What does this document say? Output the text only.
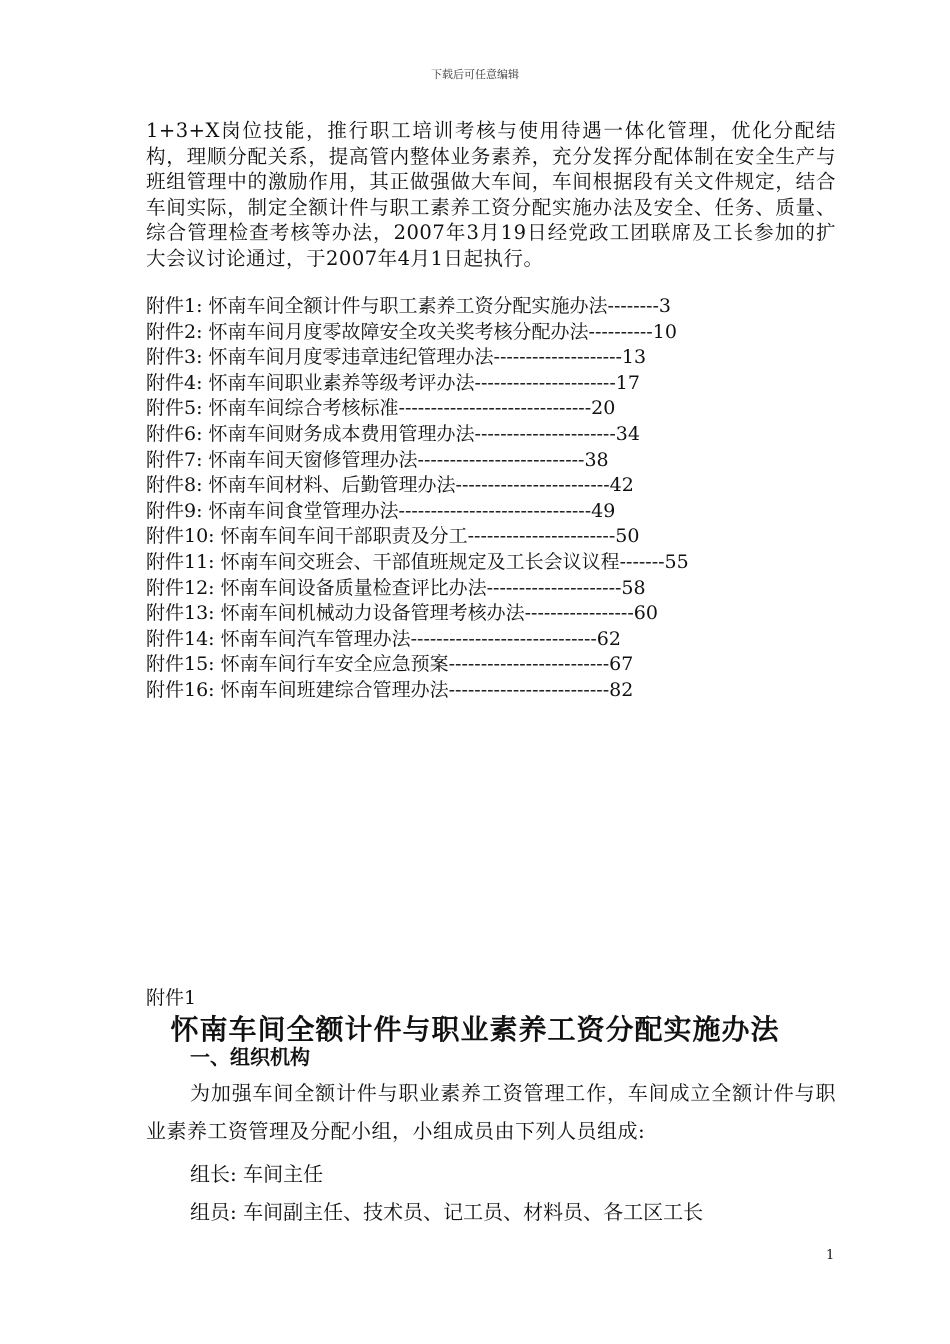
下载后可任意编辑
1+3+X岗位技能，推行职工培训考核与使用待遇一体化管理，优化分配结构，理顺分配关系，提高管内整体业务素养，充分发挥分配体制在安全生产与班组管理中的激励作用，其正做强做大车间，车间根据段有关文件规定，结合车间实际，制定全额计件与职工素养工资分配实施办法及安全、任务、质量、综合管理检查考核等办法，2007年3月19日经党政工团联席及工长参加的扩大会议讨论通过，于2007年4月1日起执行。
附件1: 怀南车间全额计件与职工素养工资分配实施办法--------3
附件2: 怀南车间月度零故障安全攻关奖考核分配办法----------10
附件3: 怀南车间月度零违章违纪管理办法--------------------13
附件4: 怀南车间职业素养等级考评办法----------------------17
附件5: 怀南车间综合考核标准------------------------------20
附件6: 怀南车间财务成本费用管理办法----------------------34
附件7: 怀南车间天窗修管理办法--------------------------38
附件8: 怀南车间材料、后勤管理办法------------------------42
附件9: 怀南车间食堂管理办法------------------------------49
附件10: 怀南车间车间干部职责及分工-----------------------50
附件11: 怀南车间交班会、干部值班规定及工长会议议程-------55
附件12: 怀南车间设备质量检查评比办法---------------------58
附件13: 怀南车间机械动力设备管理考核办法-----------------60
附件14: 怀南车间汽车管理办法-----------------------------62
附件15: 怀南车间行车安全应急预案-------------------------67
附件16: 怀南车间班建综合管理办法-------------------------82
附件1
怀南车间全额计件与职业素养工资分配实施办法
一、组织机构
为加强车间全额计件与职业素养工资管理工作，车间成立全额计件与职业素养工资管理及分配小组，小组成员由下列人员组成:
组长: 车间主任
组员: 车间副主任、技术员、记工员、材料员、各工区工长
1
